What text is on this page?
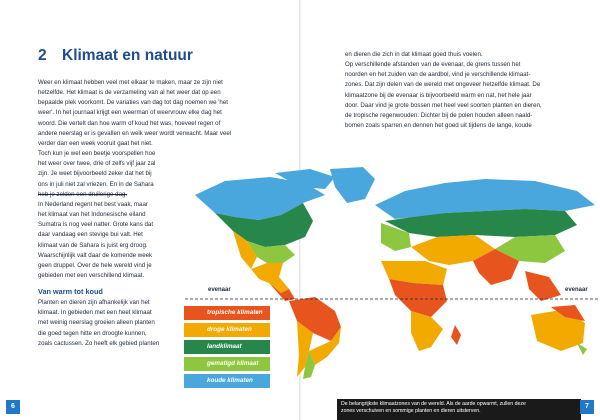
2 Klimaat en natuur

Weer en klimaat hebben veel met elkaar te maken, maar ze zijn niet

hetzelfde. Het klimaat is de verzameling van al het weer dat op een

bepaalde plek voorkomt. De variaties van dag tot dag noemen we 'het

weer'. In het journaal krijgt een weerman of weervrouw elke dag het

woord. Die vertelt dan hoe warm of koud het was, hoeveel regen of

andere neerslag er is gevallen en welk weer wordt verwacht. Maar veel

verder dan een week vooruit gaat het niet.

Toch kun je wel een beetje voorspellen hoe

het weer over twee, drie of zelfs vijf jaar zal

zijn. Je weet bijvoorbeeld zeker dat het bij

ons in juli niet zal vriezen. En in de Sahara

heb je zelden een druilerige dag.

In Nederland regent het best vaak, maar

het klimaat van het Indonesische eiland

Sumatra is nog veel natter. Grote kans dat

daar vandaag een stevige bui valt. Het

klimaat van de Sahara is juist erg droog.

Waarschijnlijk valt daar de komende week

geen druppel. Over de hele wereld vind je

gebieden met een verschillend klimaat.

Van warm tot koud

Planten en dieren zijn afhankelijk van het

klimaat. In gebieden met een heet klimaat

met weinig neerslag groeien alleen planten

die goed tegen hitte en droogte kunnen,

zoals cactussen. Zo heeft elk gebied planten

en dieren die zich in dat klimaat goed thuis voelen.

Op verschillende afstanden van de evenaar, de grens tussen het

noorden en het zuiden van de aardbol, vind je verschillende klimaat-

zones. Dat zijn delen van de wereld met ongeveer hetzelfde klimaat. De

klimaatzone bij de evenaar is bijvoorbeeld warm en nat, het hele jaar

door. Daar vind je grote bossen met heel veel soorten planten en dieren,

de tropische regenwouden. Dichter bij de polen houden alleen naald-

bomen zoals sparren en dennen het goed uit tijdens de lange, koude

evenaar	evenaar
tropische klimaten
droge klimaten
landklimaat
gematigd klimaat
koude klimaten

De belangrijkste klimaatzones van de wereld. Als de aarde opwarmt, zullen deze

zones verschuiven en sommige planten en dieren uitsterven.

6	7
